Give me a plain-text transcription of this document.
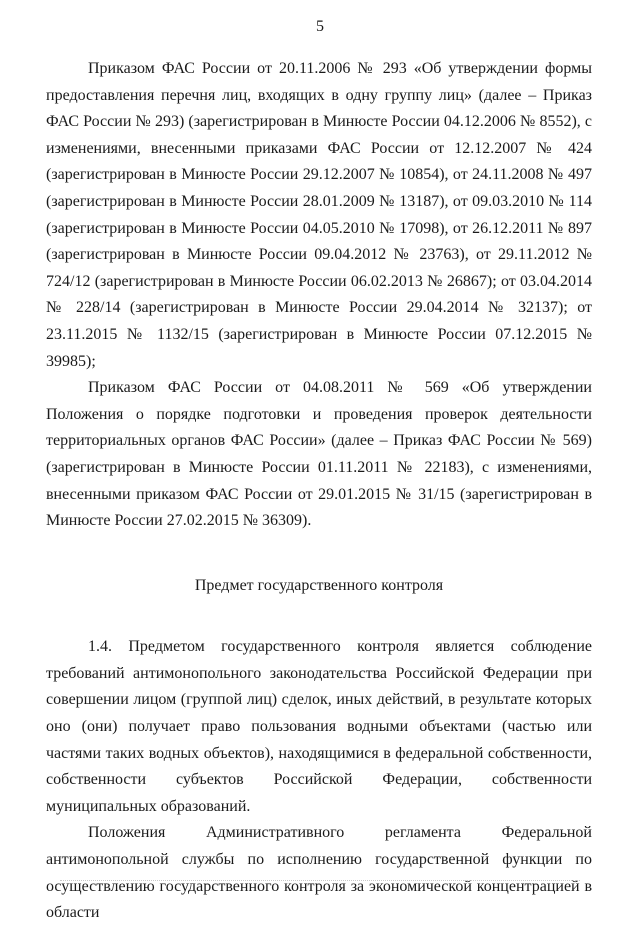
5

Приказом ФАС России от 20.11.2006 № 293 «Об утверждении формы предоставления перечня лиц, входящих в одну группу лиц» (далее – Приказ ФАС России № 293) (зарегистрирован в Минюсте России 04.12.2006 № 8552), с изменениями, внесенными приказами ФАС России от 12.12.2007 № 424 (зарегистрирован в Минюсте России 29.12.2007 № 10854), от 24.11.2008 № 497 (зарегистрирован в Минюсте России 28.01.2009 № 13187), от 09.03.2010 № 114 (зарегистрирован в Минюсте России 04.05.2010 № 17098), от 26.12.2011 № 897 (зарегистрирован в Минюсте России 09.04.2012 № 23763), от 29.11.2012 № 724/12 (зарегистрирован в Минюсте России 06.02.2013 № 26867); от 03.04.2014 № 228/14 (зарегистрирован в Минюсте России 29.04.2014 № 32137); от 23.11.2015 № 1132/15 (зарегистрирован в Минюсте России 07.12.2015 № 39985);

Приказом ФАС России от 04.08.2011 № 569 «Об утверждении Положения о порядке подготовки и проведения проверок деятельности территориальных органов ФАС России» (далее – Приказ ФАС России № 569) (зарегистрирован в Минюсте России 01.11.2011 № 22183), с изменениями, внесенными приказом ФАС России от 29.01.2015 № 31/15 (зарегистрирован в Минюсте России 27.02.2015 № 36309).

Предмет государственного контроля

1.4. Предметом государственного контроля является соблюдение требований антимонопольного законодательства Российской Федерации при совершении лицом (группой лиц) сделок, иных действий, в результате которых оно (они) получает право пользования водными объектами (частью или частями таких водных объектов), находящимися в федеральной собственности, собственности субъектов Российской Федерации, собственности муниципальных образований.

Положения Административного регламента Федеральной антимонопольной службы по исполнению государственной функции по осуществлению государственного контроля за экономической концентрацией в области
